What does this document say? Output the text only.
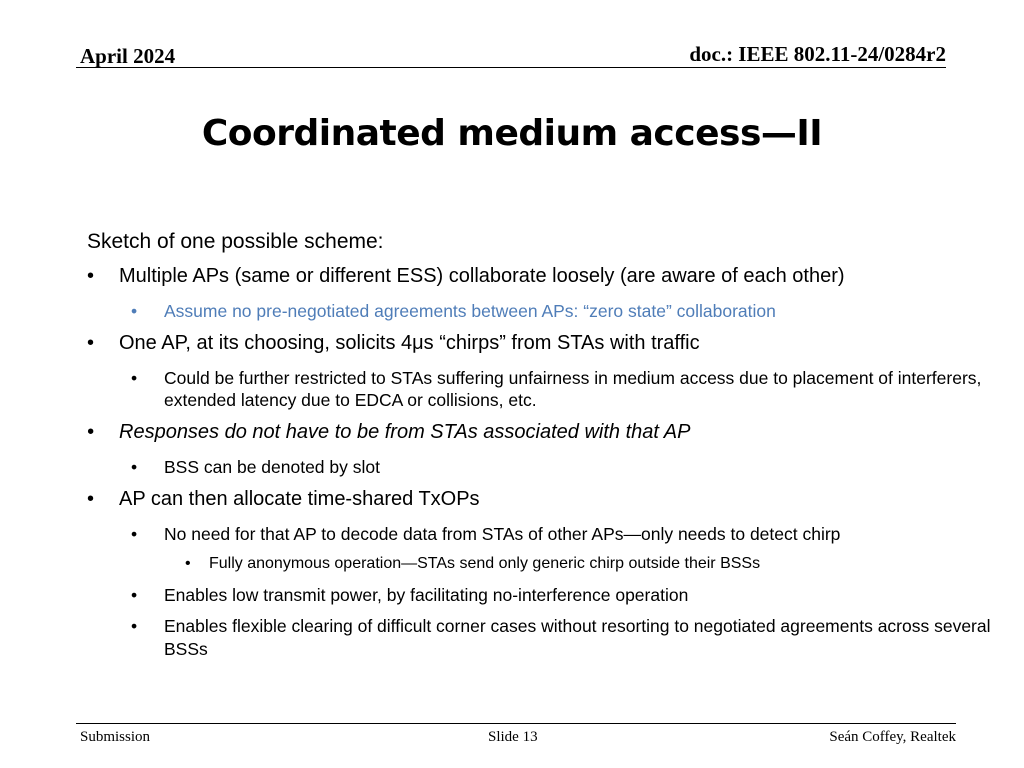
April 2024	doc.: IEEE 802.11-24/0284r2
Coordinated medium access—II
Sketch of one possible scheme:
• Multiple APs (same or different ESS) collaborate loosely (are aware of each other)
• Assume no pre-negotiated agreements between APs: “zero state” collaboration
• One AP, at its choosing, solicits 4μs “chirps” from STAs with traffic
• Could be further restricted to STAs suffering unfairness in medium access due to placement of interferers, extended latency due to EDCA or collisions, etc.
• Responses do not have to be from STAs associated with that AP
• BSS can be denoted by slot
• AP can then allocate time-shared TxOPs
• No need for that AP to decode data from STAs of other APs—only needs to detect chirp
• Fully anonymous operation—STAs send only generic chirp outside their BSSs
• Enables low transmit power, by facilitating no-interference operation
• Enables flexible clearing of difficult corner cases without resorting to negotiated agreements across several BSSs
Submission	Slide 13	Seán Coffey, Realtek
